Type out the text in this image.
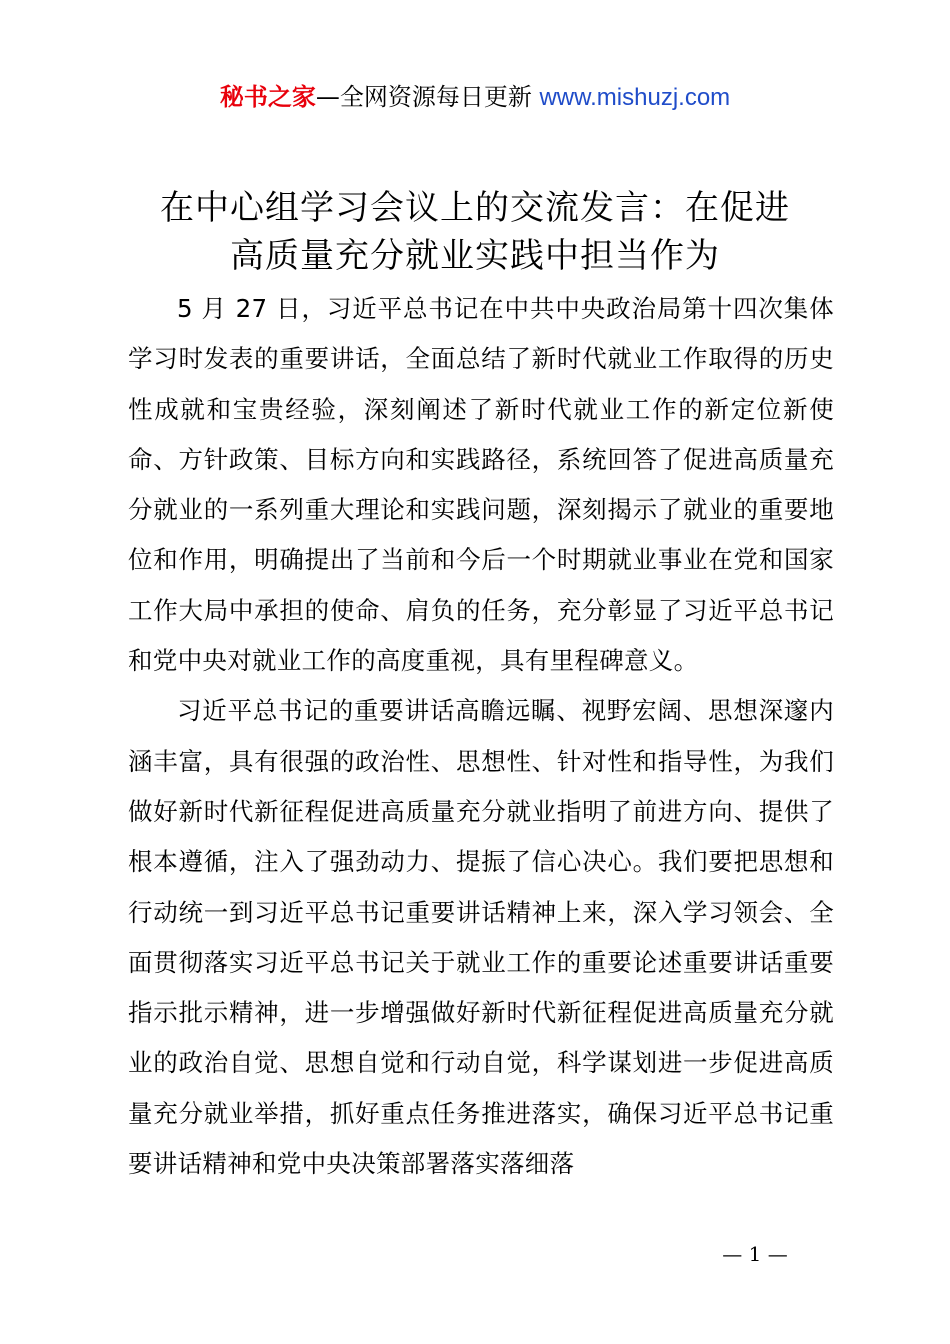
秘书之家—全网资源每日更新 www.mishuzj.com
在中心组学习会议上的交流发言：在促进
高质量充分就业实践中担当作为

5 月 27 日，习近平总书记在中共中央政治局第十四次集体学习时发表的重要讲话，全面总结了新时代就业工作取得的历史性成就和宝贵经验，深刻阐述了新时代就业工作的新定位新使命、方针政策、目标方向和实践路径，系统回答了促进高质量充分就业的一系列重大理论和实践问题，深刻揭示了就业的重要地位和作用，明确提出了当前和今后一个时期就业事业在党和国家工作大局中承担的使命、肩负的任务，充分彰显了习近平总书记和党中央对就业工作的高度重视，具有里程碑意义。

习近平总书记的重要讲话高瞻远瞩、视野宏阔、思想深邃内涵丰富，具有很强的政治性、思想性、针对性和指导性，为我们做好新时代新征程促进高质量充分就业指明了前进方向、提供了根本遵循，注入了强劲动力、提振了信心决心。我们要把思想和行动统一到习近平总书记重要讲话精神上来，深入学习领会、全面贯彻落实习近平总书记关于就业工作的重要论述重要讲话重要指示批示精神，进一步增强做好新时代新征程促进高质量充分就业的政治自觉、思想自觉和行动自觉，科学谋划进一步促进高质量充分就业举措，抓好重点任务推进落实，确保习近平总书记重要讲话精神和党中央决策部署落实落细落

— 1 —
